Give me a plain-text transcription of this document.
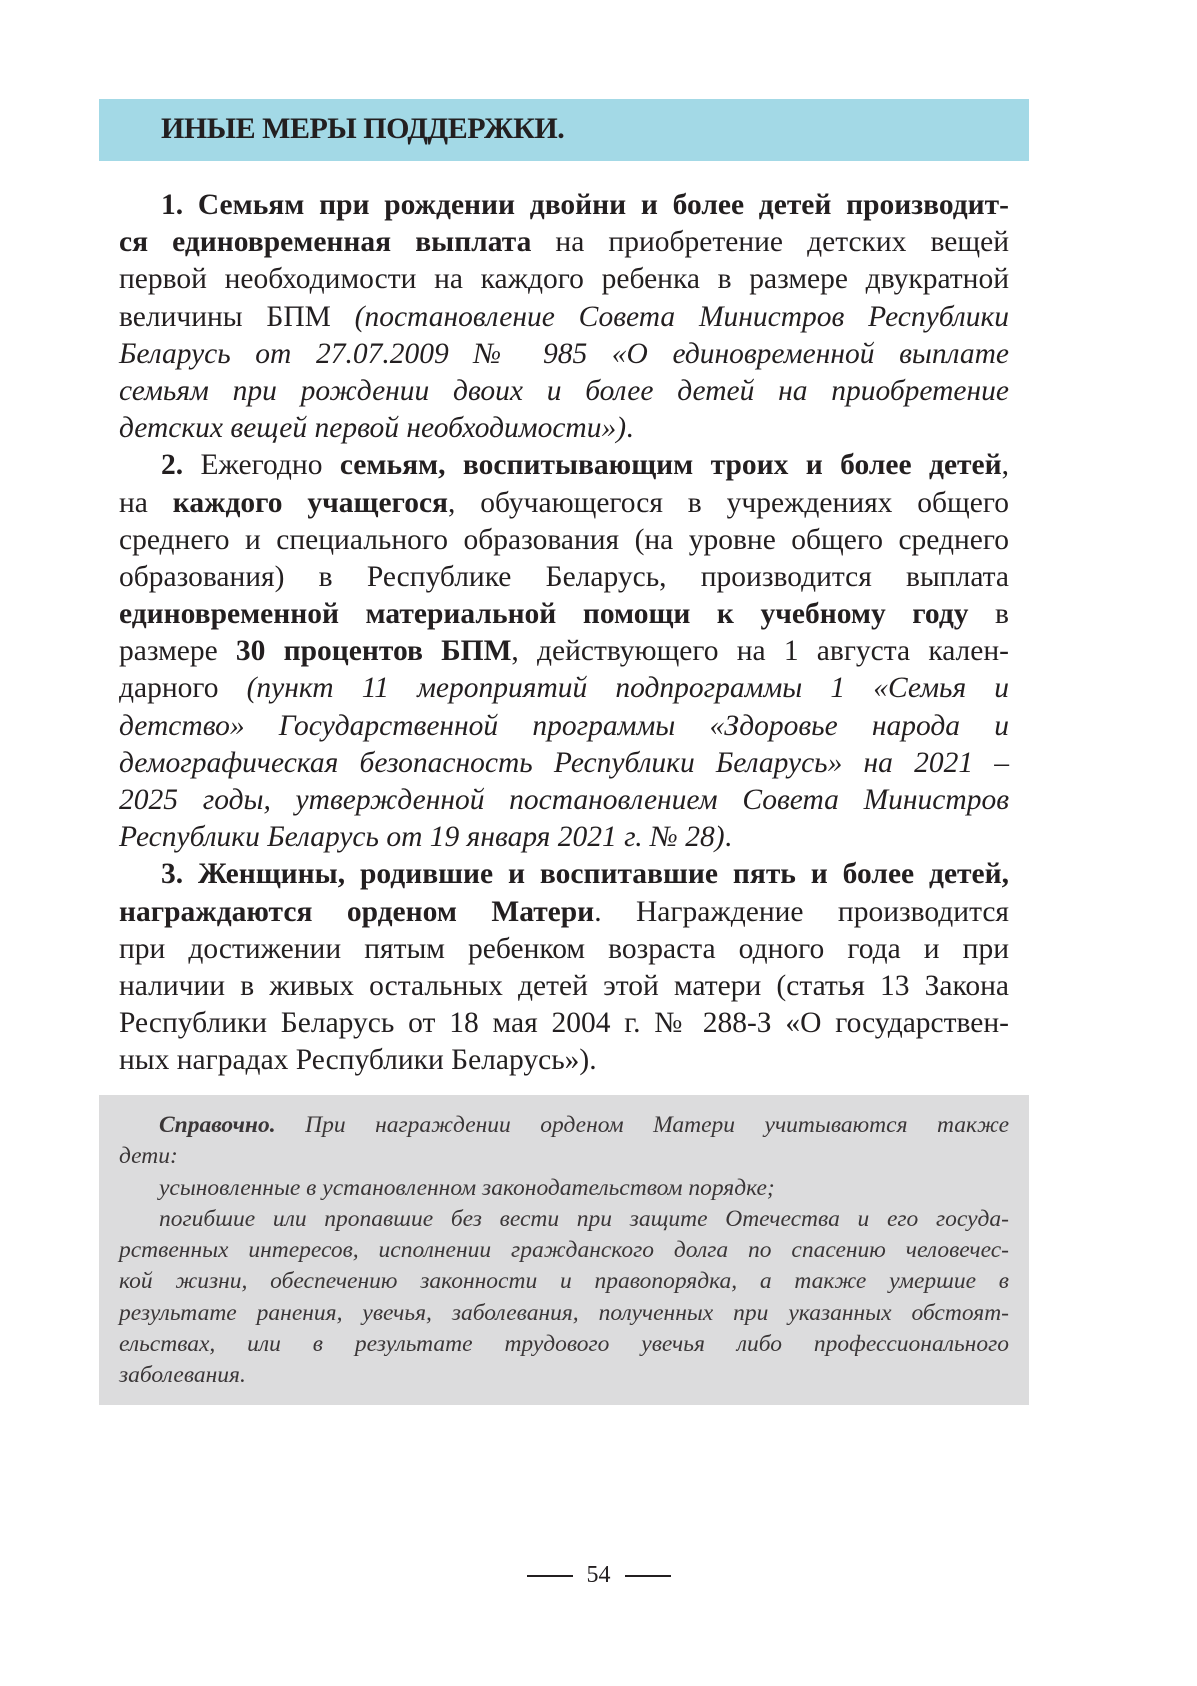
ИНЫЕ МЕРЫ ПОДДЕРЖКИ.
1. Семьям при рождении двойни и более детей производит-
ся единовременная выплата на приобретение детских вещей
первой необходимости на каждого ребенка в размере двукратной
величины БПМ (постановление Совета Министров Республики
Беларусь от 27.07.2009 № 985 «О единовременной выплате
семьям при рождении двоих и более детей на приобретение
детских вещей первой необходимости»).
2. Ежегодно семьям, воспитывающим троих и более детей,
на каждого учащегося, обучающегося в учреждениях общего
среднего и специального образования (на уровне общего среднего
образования) в Республике Беларусь, производится выплата
единовременной материальной помощи к учебному году в
размере 30 процентов БПМ, действующего на 1 августа кален-
дарного (пункт 11 мероприятий подпрограммы 1 «Семья и
детство» Государственной программы «Здоровье народа и
демографическая безопасность Республики Беларусь» на 2021 –
2025 годы, утвержденной постановлением Совета Министров
Республики Беларусь от 19 января 2021 г. № 28).
3. Женщины, родившие и воспитавшие пять и более детей,
награждаются орденом Матери. Награждение производится
при достижении пятым ребенком возраста одного года и при
наличии в живых остальных детей этой матери (статья 13 Закона
Республики Беларусь от 18 мая 2004 г. № 288-З «О государствен-
ных наградах Республики Беларусь»).
Справочно. При награждении орденом Матери учитываются также
дети:
усыновленные в установленном законодательством порядке;
погибшие или пропавшие без вести при защите Отечества и его госуда-
рственных интересов, исполнении гражданского долга по спасению человечес-
кой жизни, обеспечению законности и правопорядка, а также умершие в
результате ранения, увечья, заболевания, полученных при указанных обстоят-
ельствах, или в результате трудового увечья либо профессионального
заболевания.
54
